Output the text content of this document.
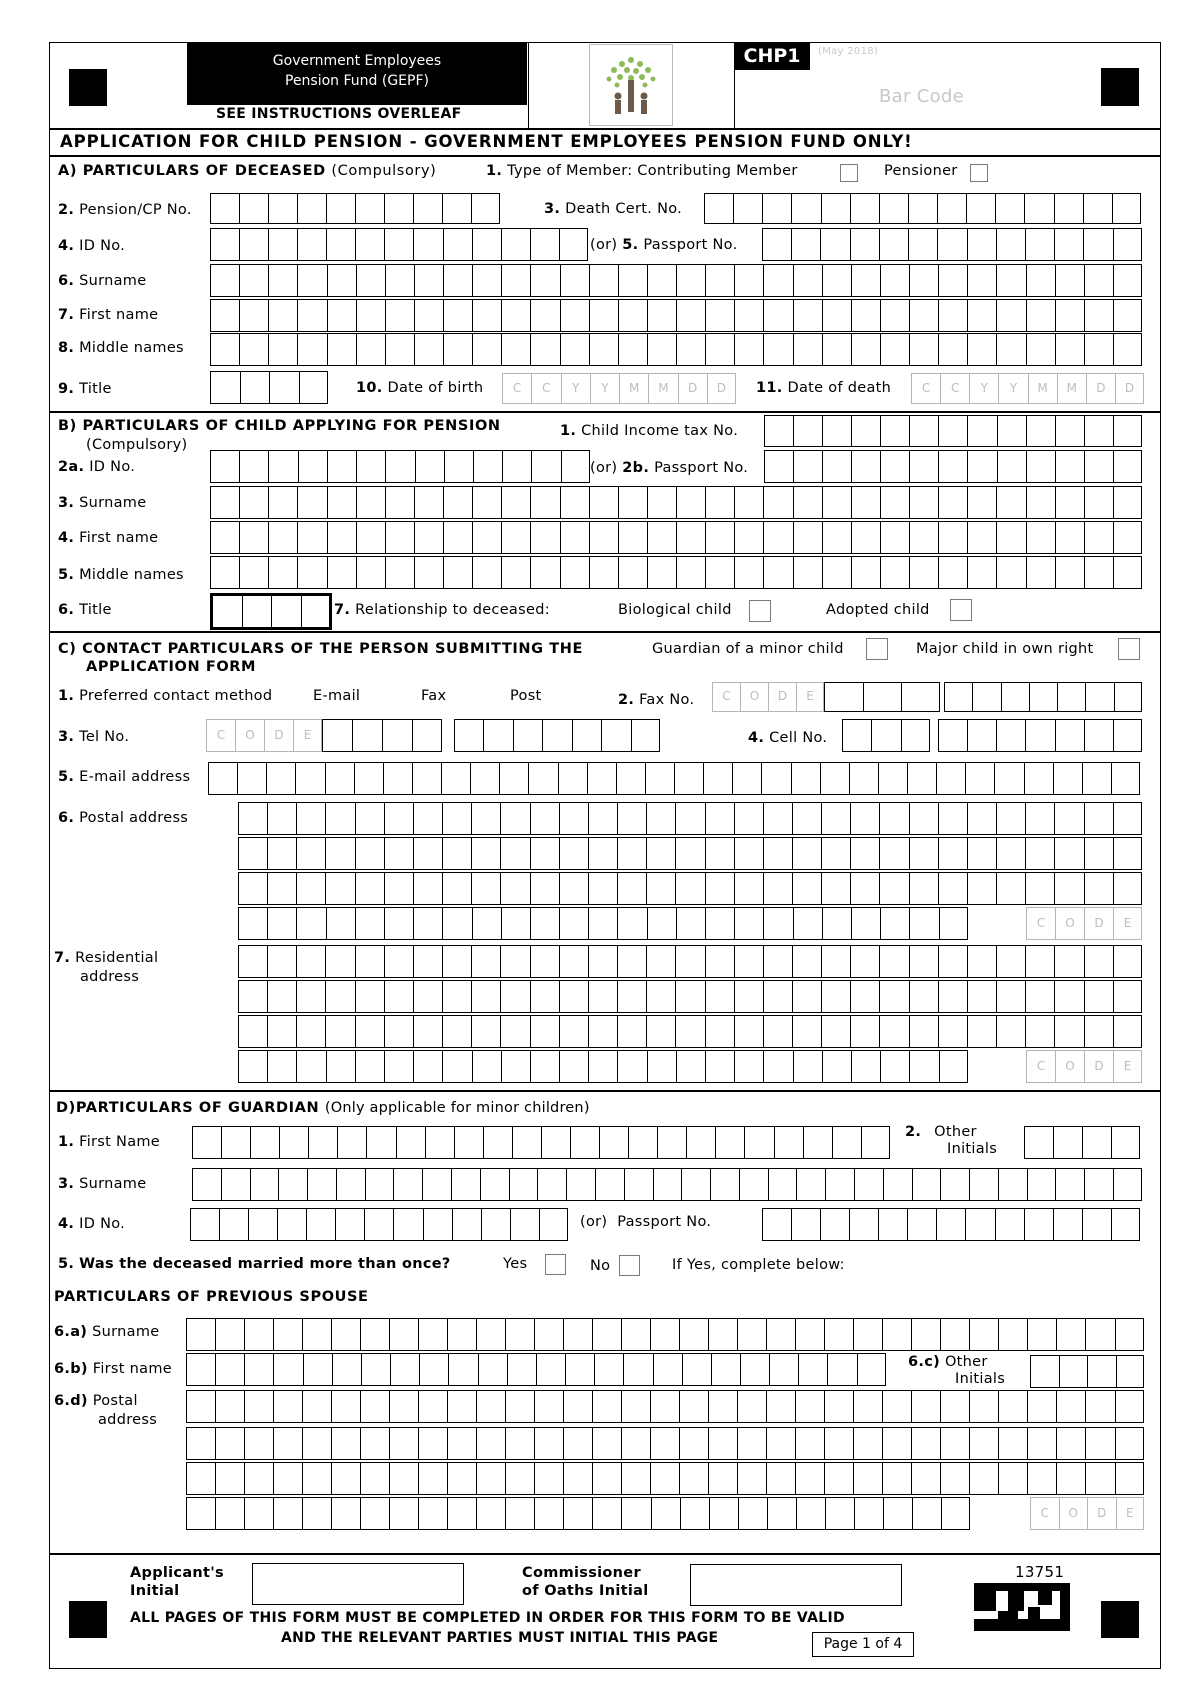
Government Employees
Pension Fund (GEPF)
SEE INSTRUCTIONS OVERLEAF
CHP1	(May 2018)
Bar Code
APPLICATION FOR CHILD PENSION - GOVERNMENT EMPLOYEES PENSION FUND ONLY!
A) PARTICULARS OF DECEASED (Compulsory)	1. Type of Member: Contributing Member	Pensioner
2. Pension/CP No.	3. Death Cert. No.
4. ID No.	(or) 5. Passport No.
6. Surname
7. First name
8. Middle names
9. Title	10. Date of birth	C	C	Y	Y	M	M	D	D	11. Date of death	C	C	Y	Y	M	M	D	D
B) PARTICULARS OF CHILD APPLYING FOR PENSION
(Compulsory)
1. Child Income tax No.
2a. ID No.	(or) 2b. Passport No.
3. Surname
4. First name
5. Middle names
6. Title	7. Relationship to deceased:	Biological child	Adopted child
C) CONTACT PARTICULARS OF THE PERSON SUBMITTING THE
APPLICATION FORM
Guardian of a minor child	Major child in own right
1. Preferred contact method	E-mail	Fax	Post	2. Fax No.	C	O	D	E
3. Tel No.	C	O	D	E	4. Cell No.
5. E-mail address
6. Postal address
C	O	D	E
7. Residential
address
C	O	D	E
D)PARTICULARS OF GUARDIAN (Only applicable for minor children)
1. First Name
2. Other
Initials
3. Surname
4. ID No.	(or) Passport No.
5. Was the deceased married more than once?	Yes	No	If Yes, complete below:
PARTICULARS OF PREVIOUS SPOUSE
6.a) Surname
6.b) First name	6.c) Other
Initials
6.d) Postal
address
C	O	D	E
Applicant's
Initial
Commissioner
of Oaths Initial
13751
ALL PAGES OF THIS FORM MUST BE COMPLETED IN ORDER FOR THIS FORM TO BE VALID
AND THE RELEVANT PARTIES MUST INITIAL THIS PAGE	Page 1 of 4
